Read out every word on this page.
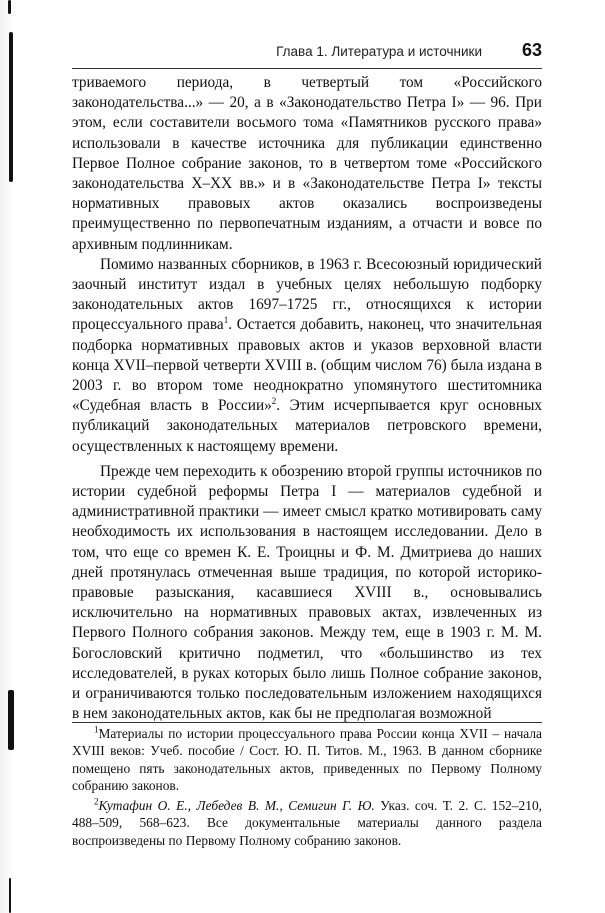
Глава 1. Литература и источники 63

триваемого периода, в четвертый том «Российского законодательства...» — 20, а в «Законодательство Петра I» — 96. При этом, если составители восьмого тома «Памятников русского права» использовали в качестве источника для публикации единственно Первое Полное собрание законов, то в четвертом томе «Российского законодательства X–XX вв.» и в «Законодательстве Петра I» тексты нормативных правовых актов оказались воспроизведены преимущественно по первопечатным изданиям, а отчасти и вовсе по архивным подлинникам.

Помимо названных сборников, в 1963 г. Всесоюзный юридический заочный институт издал в учебных целях небольшую подборку законодательных актов 1697–1725 гг., относящихся к истории процессуального права$^1$. Остается добавить, наконец, что значительная подборка нормативных правовых актов и указов верховной власти конца XVII–первой четверти XVIII в. (общим числом 76) была издана в 2003 г. во втором томе неоднократно упомянутого шеститомника «Судебная власть в России»$^2$. Этим исчерпывается круг основных публикаций законодательных материалов петровского времени, осуществленных к настоящему времени.

Прежде чем переходить к обозрению второй группы источников по истории судебной реформы Петра I — материалов судебной и административной практики — имеет смысл кратко мотивировать саму необходимость их использования в настоящем исследовании. Дело в том, что еще со времен К. Е. Троицны и Ф. М. Дмитриева до наших дней протянулась отмеченная выше традиция, по которой историко-правовые разыскания, касавшиеся XVIII в., основывались исключительно на нормативных правовых актах, извлеченных из Первого Полного собрания законов. Между тем, еще в 1903 г. М. М. Богословский критично подметил, что «большинство из тех исследователей, в руках которых было лишь Полное собрание законов, и ограничиваются только последовательным изложением находящихся в нем законодательных актов, как бы не предполагая возможной

$^1$Материалы по истории процессуального права России конца XVII – начала XVIII веков: Учеб. пособие / Сост. Ю. П. Титов. М., 1963. В данном сборнике помещено пять законодательных актов, приведенных по Первому Полному собранию законов.

$^2$Кутафин О. Е., Лебедев В. М., Семигин Г. Ю. Указ. соч. Т. 2. С. 152–210, 488–509, 568–623. Все документальные материалы данного раздела воспроизведены по Первому Полному собранию законов.
